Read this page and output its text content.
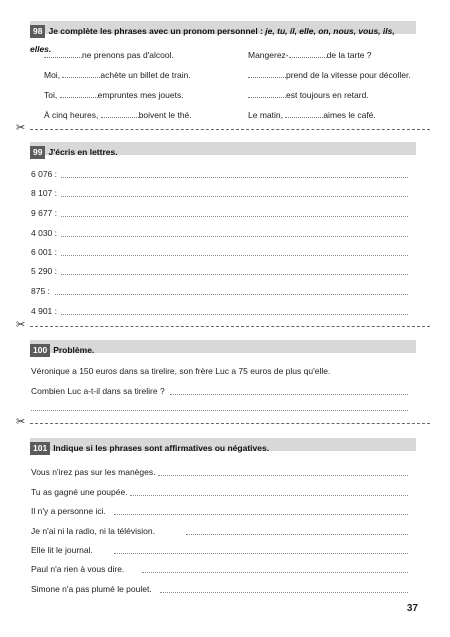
98 Je complète les phrases avec un pronom personnel : je, tu, il, elle, on, nous, vous, ils, elles.
ne prenons pas d'alcool.
Moi,	achète un billet de train.
Toi,	empruntes mes jouets.
À cinq heures,	boivent le thé.
Mangerez-	de la tarte ?
prend de la vitesse pour décoller.
est toujours en retard.
Le matin,	aimes le café.
✂
99 J'écris en lettres.
6 076 :
8 107 :
9 677 :
4 030 :
6 001 :
5 290 :
875 :
4 901 :
✂
100 Problème.
Véronique a 150 euros dans sa tirelire, son frère Luc a 75 euros de plus qu'elle.
Combien Luc a-t-il dans sa tirelire ?
✂
101 Indique si les phrases sont affirmatives ou négatives.
Vous n'irez pas sur les manèges.
Tu as gagné une poupée.
Il n'y a personne ici.
Je n'ai ni la radio, ni la télévision.
Elle lit le journal.
Paul n'a rien à vous dire.
Simone n'a pas plumé le poulet.
37
